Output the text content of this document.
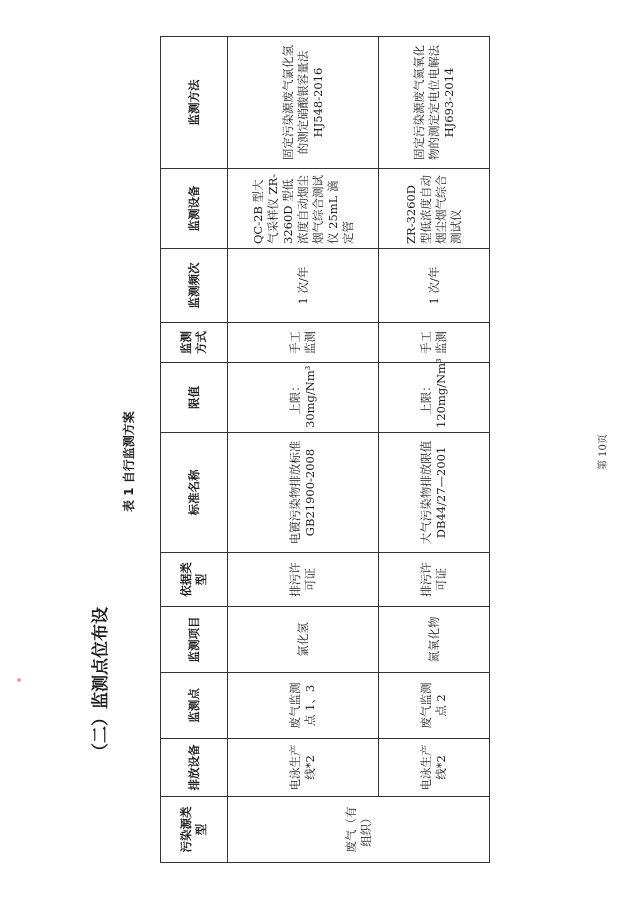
（二）监测点位布设
表 1 自行监测方案
污染源类型	排放设备	监测点	监测项目	依据类型	标准名称	限值	监测方式	监测频次	监测设备	监测方法
废气（有组织）	电泳生产线*2	废气监测点 1、3	氯化氢	排污许可证	电镀污染物排放标准 GB21900-2008	上限：30mg/Nm³	手工监测	1 次/年	QC-2B 型大气采样仪 ZR-3260D 型低浓度自动烟尘烟气综合测试仪 25mL 滴定管	固定污染源废气氯化氢的测定硝酸银容量法 HJ548-2016
	电泳生产线*2	废气监测点 2	氮氧化物	排污许可证	大气污染物排放限值 DB44/27—2001	上限：120mg/Nm³	手工监测	1 次/年	ZR-3260D 型低浓度自动烟尘烟气综合测试仪	固定污染源废气氮氧化物的测定定电位电解法 HJ693-2014
第 10页
